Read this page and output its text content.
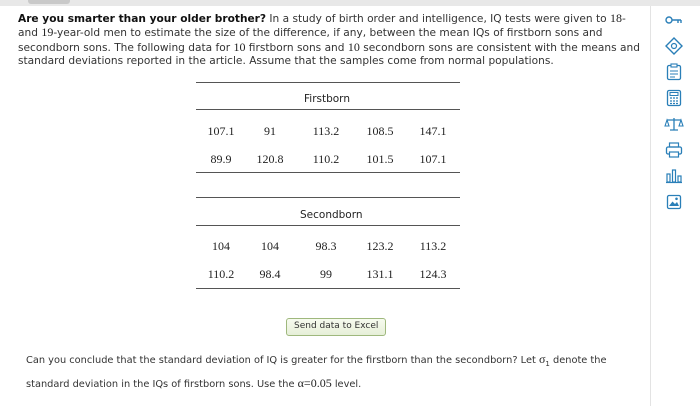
Are you smarter than your older brother? In a study of birth order and intelligence, IQ tests were given to 18- and 19-year-old men to estimate the size of the difference, if any, between the mean IQs of firstborn sons and secondborn sons. The following data for 10 firstborn sons and 10 secondborn sons are consistent with the means and standard deviations reported in the article. Assume that the samples come from normal populations.
Firstborn
107.1	91	113.2	108.5	147.1
89.9	120.8	110.2	101.5	107.1
Secondborn
104	104	98.3	123.2	113.2
110.2	98.4	99	131.1	124.3
Send data to Excel
Can you conclude that the standard deviation of IQ is greater for the firstborn than the secondborn? Let $\sigma_1$ denote the standard deviation in the IQs of firstborn sons. Use the α=0.05 level.
